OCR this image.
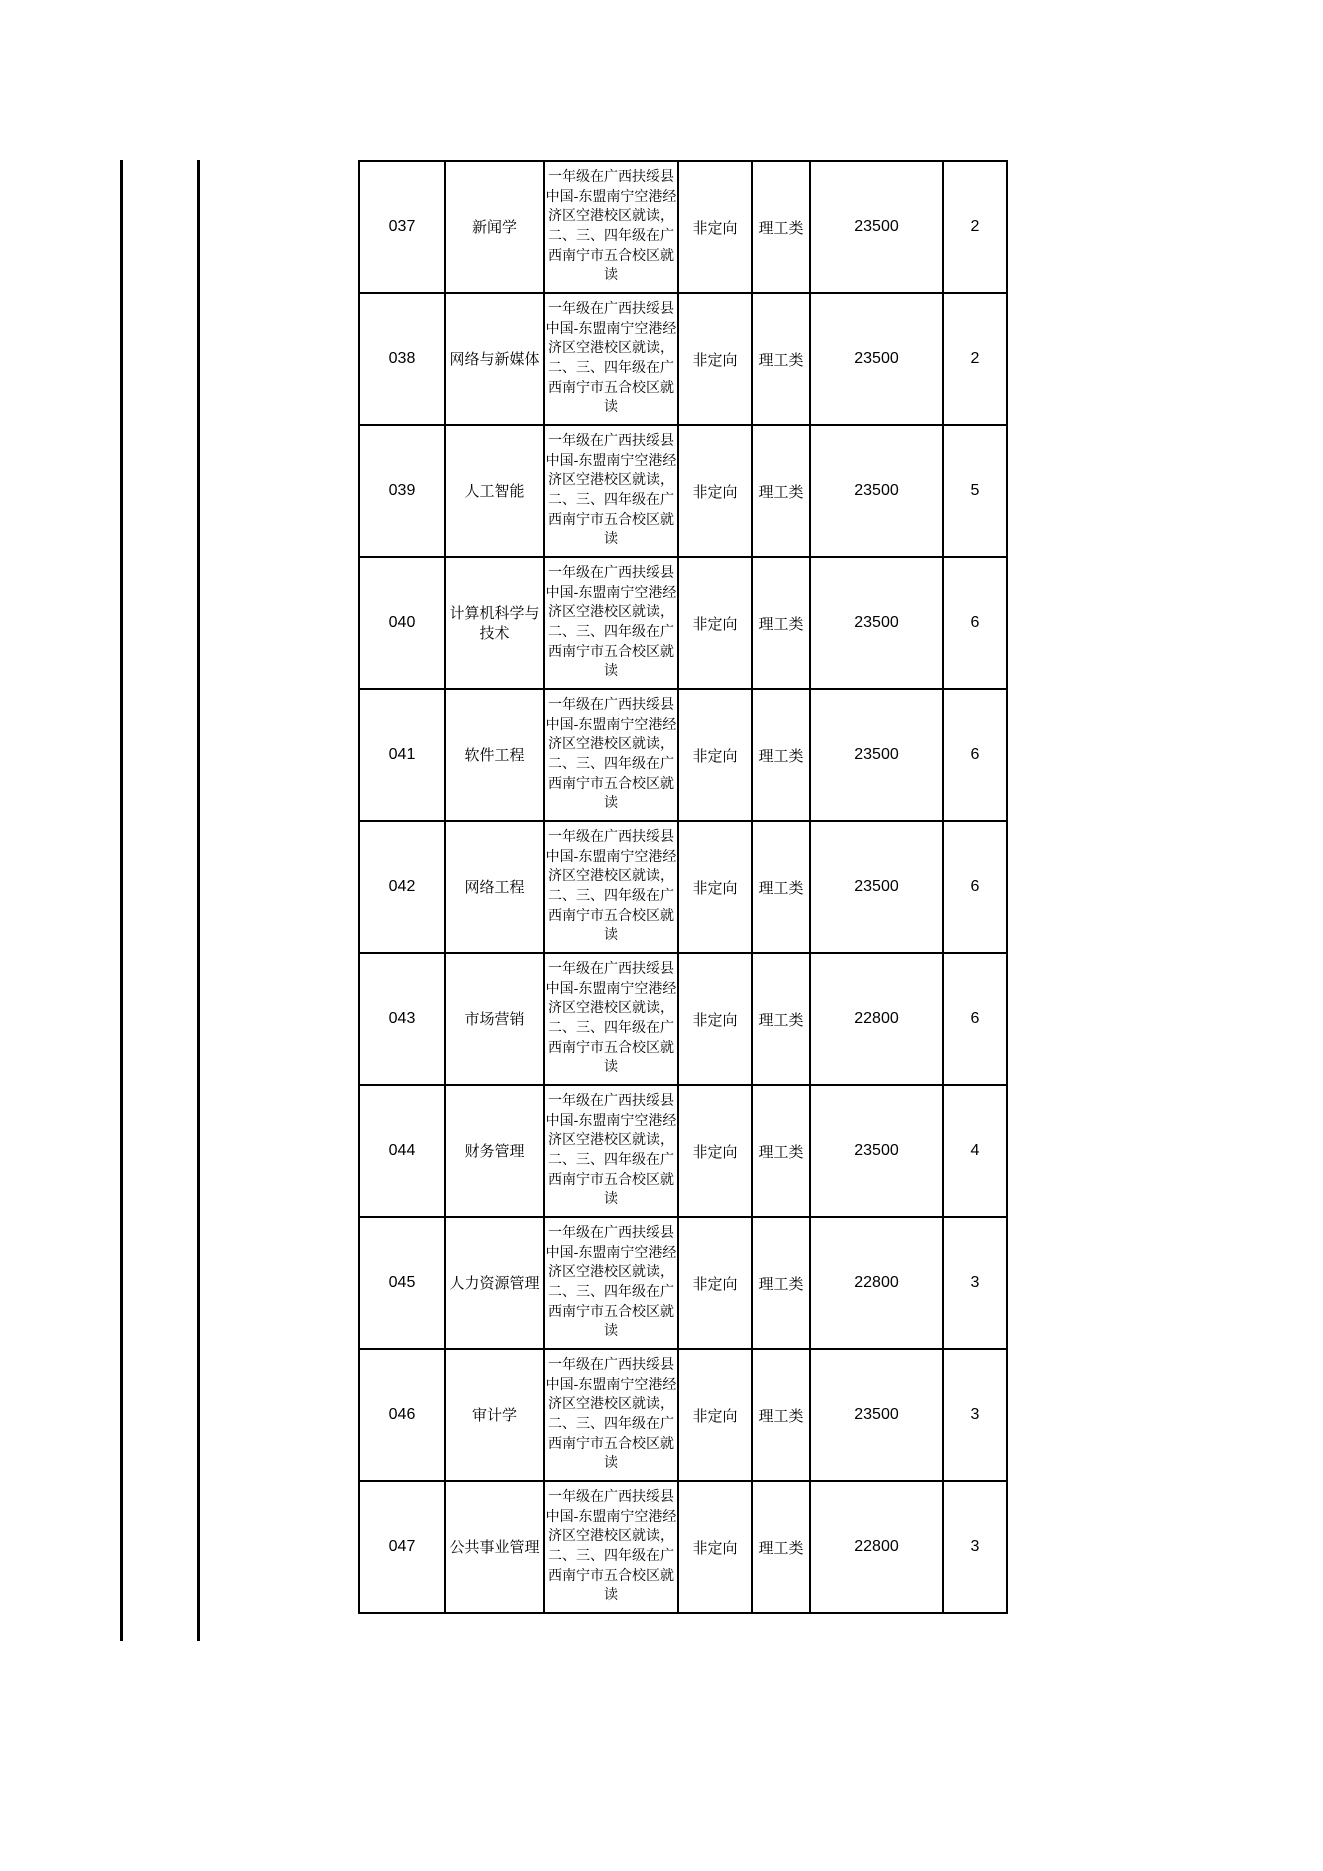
037	新闻学	一年级在广西扶绥县中国-东盟南宁空港经济区空港校区就读，二、三、四年级在广西南宁市五合校区就读	非定向	理工类	23500	2
038	网络与新媒体	一年级在广西扶绥县中国-东盟南宁空港经济区空港校区就读，二、三、四年级在广西南宁市五合校区就读	非定向	理工类	23500	2
039	人工智能	一年级在广西扶绥县中国-东盟南宁空港经济区空港校区就读，二、三、四年级在广西南宁市五合校区就读	非定向	理工类	23500	5
040	计算机科学与技术	一年级在广西扶绥县中国-东盟南宁空港经济区空港校区就读，二、三、四年级在广西南宁市五合校区就读	非定向	理工类	23500	6
041	软件工程	一年级在广西扶绥县中国-东盟南宁空港经济区空港校区就读，二、三、四年级在广西南宁市五合校区就读	非定向	理工类	23500	6
042	网络工程	一年级在广西扶绥县中国-东盟南宁空港经济区空港校区就读，二、三、四年级在广西南宁市五合校区就读	非定向	理工类	23500	6
043	市场营销	一年级在广西扶绥县中国-东盟南宁空港经济区空港校区就读，二、三、四年级在广西南宁市五合校区就读	非定向	理工类	22800	6
044	财务管理	一年级在广西扶绥县中国-东盟南宁空港经济区空港校区就读，二、三、四年级在广西南宁市五合校区就读	非定向	理工类	23500	4
045	人力资源管理	一年级在广西扶绥县中国-东盟南宁空港经济区空港校区就读，二、三、四年级在广西南宁市五合校区就读	非定向	理工类	22800	3
046	审计学	一年级在广西扶绥县中国-东盟南宁空港经济区空港校区就读，二、三、四年级在广西南宁市五合校区就读	非定向	理工类	23500	3
047	公共事业管理	一年级在广西扶绥县中国-东盟南宁空港经济区空港校区就读，二、三、四年级在广西南宁市五合校区就读	非定向	理工类	22800	3
